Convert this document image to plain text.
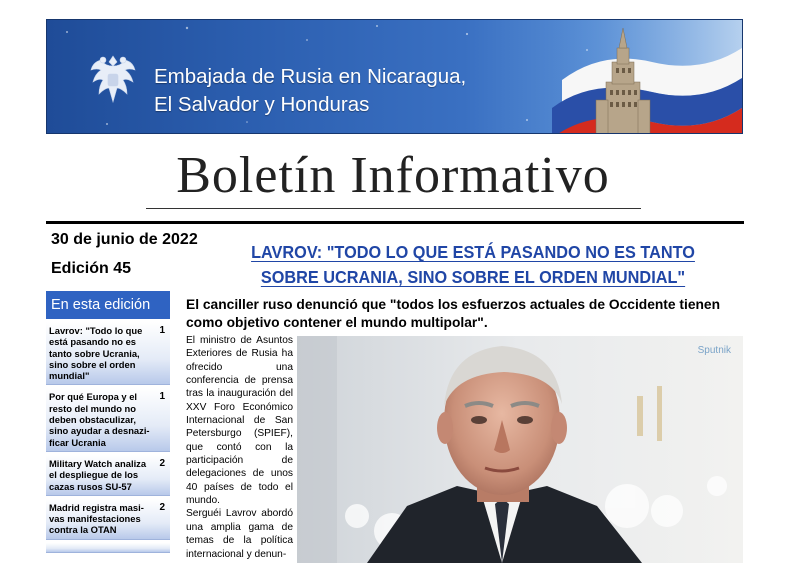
Embajada de Rusia en Nicaragua,
El Salvador y Honduras
Boletín Informativo
30 de junio de 2022
Edición 45
LAVROV: "TODO LO QUE ESTÁ PASANDO NO ES TANTO
SOBRE UCRANIA, SINO SOBRE EL ORDEN MUNDIAL"
En esta edición
Lavrov: "Todo lo que
está pasando no es
tanto sobre Ucrania,
sino sobre el orden
mundial"
1
Por qué Europa y el
resto del mundo no
deben obstaculizar,
sino ayudar a desnazi-
ficar Ucrania
1
Military Watch analiza
el despliegue de los
cazas rusos SU-57
2
Madrid registra masi-
vas manifestaciones
contra la OTAN
2
El canciller ruso denunció que "todos los esfuerzos actuales de Occidente tienen como objetivo contener el mundo multipolar".

El ministro de Asuntos Exteriores de Rusia ha ofrecido una conferencia de prensa tras la inauguración del XXV Foro Económico Internacional de San Petersburgo (SPIEF), que contó con la participación de delegaciones de unos 40 países de todo el mundo.

Serguéi Lavrov abordó una amplia gama de temas de la política internacional y denun-

Sputnik
